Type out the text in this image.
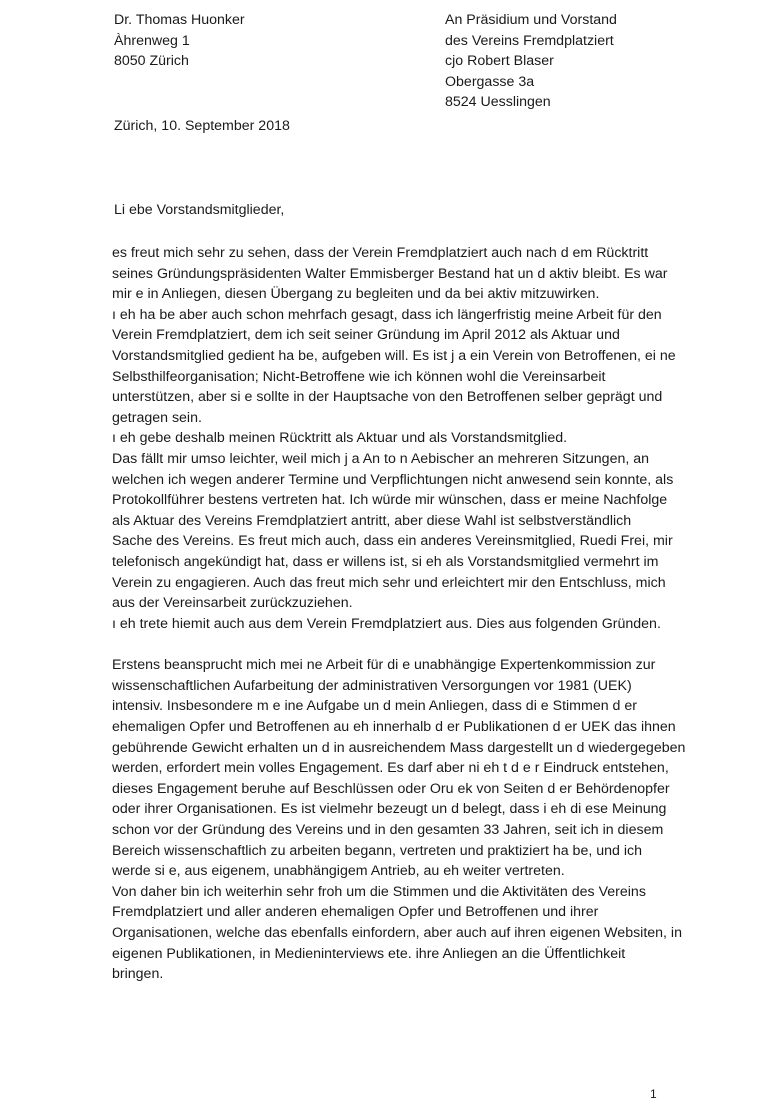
Dr. Thomas Huonker
Àhrenweg 1
8050 Zürich
An Präsidium und Vorstand
des Vereins Fremdplatziert
cjo Robert Blaser
Obergasse 3a
8524 Uesslingen
Zürich, 10. September 2018
Li ebe Vorstandsmitglieder,
es freut mich sehr zu sehen, dass der Verein Fremdplatziert auch nach d em Rücktritt
seines Gründungspräsidenten Walter Emmisberger Bestand hat un d aktiv bleibt. Es war
mir e in Anliegen, diesen Übergang zu begleiten und da bei aktiv mitzuwirken.
ı eh ha be aber auch schon mehrfach gesagt, dass ich längerfristig meine Arbeit für den
Verein Fremdplatziert, dem ich seit seiner Gründung im April 2012 als Aktuar und
Vorstandsmitglied gedient ha be, aufgeben will. Es ist j a ein Verein von Betroffenen, ei ne
Selbsthilfeorganisation; Nicht-Betroffene wie ich können wohl die Vereinsarbeit
unterstützen, aber si e sollte in der Hauptsache von den Betroffenen selber geprägt und
getragen sein.
ı eh gebe deshalb meinen Rücktritt als Aktuar und als Vorstandsmitglied.
Das fällt mir umso leichter, weil mich j a An to n Aebischer an mehreren Sitzungen, an
welchen ich wegen anderer Termine und Verpflichtungen nicht anwesend sein konnte, als
Protokollführer bestens vertreten hat. Ich würde mir wünschen, dass er meine Nachfolge
als Aktuar des Vereins Fremdplatziert antritt, aber diese Wahl ist selbstverständlich
Sache des Vereins. Es freut mich auch, dass ein anderes Vereinsmitglied, Ruedi Frei, mir
telefonisch angekündigt hat, dass er willens ist, si eh als Vorstandsmitglied vermehrt im
Verein zu engagieren. Auch das freut mich sehr und erleichtert mir den Entschluss, mich
aus der Vereinsarbeit zurückzuziehen.
ı eh trete hiemit auch aus dem Verein Fremdplatziert aus. Dies aus folgenden Gründen.
Erstens beansprucht mich mei ne Arbeit für di e unabhängige Expertenkommission zur
wissenschaftlichen Aufarbeitung der administrativen Versorgungen vor 1981 (UEK)
intensiv. Insbesondere m e ine Aufgabe un d mein Anliegen, dass di e Stimmen d er
ehemaligen Opfer und Betroffenen au eh innerhalb d er Publikationen d er UEK das ihnen
gebührende Gewicht erhalten un d in ausreichendem Mass dargestellt un d wiedergegeben
werden, erfordert mein volles Engagement. Es darf aber ni eh t d e r Eindruck entstehen,
dieses Engagement beruhe auf Beschlüssen oder Oru ek von Seiten d er Behördenopfer
oder ihrer Organisationen. Es ist vielmehr bezeugt un d belegt, dass i eh di ese Meinung
schon vor der Gründung des Vereins und in den gesamten 33 Jahren, seit ich in diesem
Bereich wissenschaftlich zu arbeiten begann, vertreten und praktiziert ha be, und ich
werde si e, aus eigenem, unabhängigem Antrieb, au eh weiter vertreten.
Von daher bin ich weiterhin sehr froh um die Stimmen und die Aktivitäten des Vereins
Fremdplatziert und aller anderen ehemaligen Opfer und Betroffenen und ihrer
Organisationen, welche das ebenfalls einfordern, aber auch auf ihren eigenen Websiten, in
eigenen Publikationen, in Medieninterviews ete. ihre Anliegen an die Üffentlichkeit
bringen.
1
